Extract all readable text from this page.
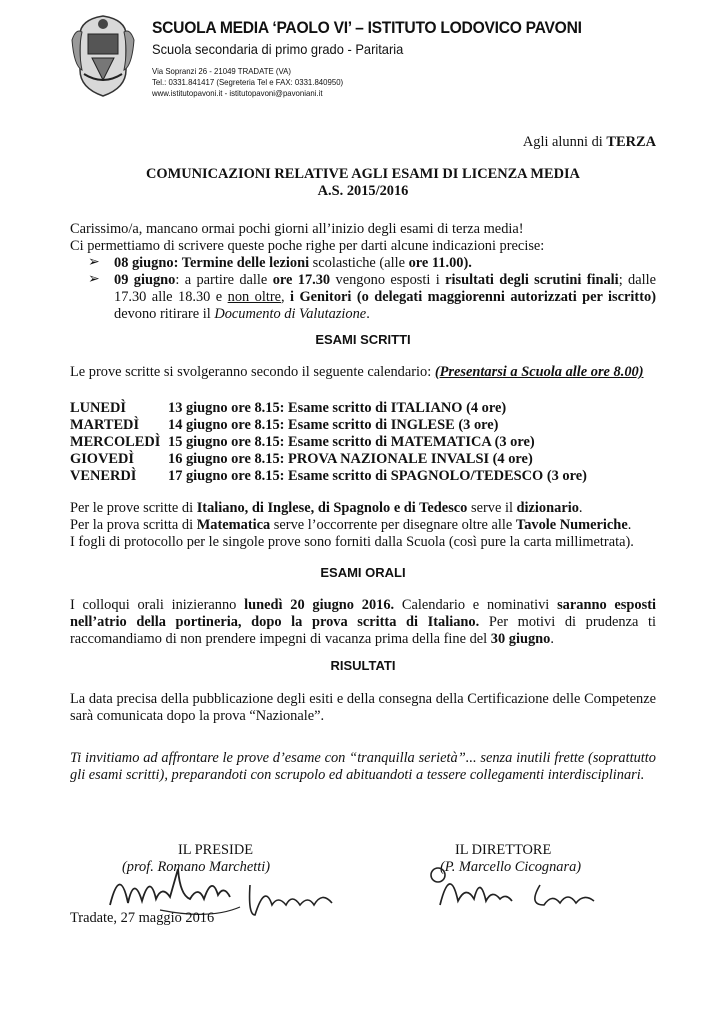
SCUOLA MEDIA ‘PAOLO VI’ – ISTITUTO LODOVICO PAVONI
Scuola secondaria di primo grado - Paritaria
Via Sopranzi 26 - 21049 TRADATE (VA)
Tel.: 0331.841417 (Segreteria Tel e FAX: 0331.840950)
www.istitutopavoni.it - istitutopavoni@pavoniani.it
Agli alunni di TERZA
COMUNICAZIONI RELATIVE AGLI ESAMI DI LICENZA MEDIA
A.S. 2015/2016
Carissimo/a, mancano ormai pochi giorni all’inizio degli esami di terza media!
Ci permettiamo di scrivere queste poche righe per darti alcune indicazioni precise:
➢ 08 giugno: Termine delle lezioni scolastiche (alle ore 11.00).
➢ 09 giugno: a partire dalle ore 17.30 vengono esposti i risultati degli scrutini finali; dalle 17.30 alle 18.30 e non oltre, i Genitori (o delegati maggiorenni autorizzati per iscritto) devono ritirare il Documento di Valutazione.
ESAMI SCRITTI
Le prove scritte si svolgeranno secondo il seguente calendario: (Presentarsi a Scuola alle ore 8.00)
LUNEDÌ	13 giugno ore 8.15: Esame scritto di ITALIANO (4 ore)
MARTEDÌ 14 giugno ore 8.15: Esame scritto di INGLESE (3 ore)
MERCOLEDÌ 15 giugno ore 8.15: Esame scritto di MATEMATICA (3 ore)
GIOVEDÌ 16 giugno ore 8.15: PROVA NAZIONALE INVALSI (4 ore)
VENERDÌ 17 giugno ore 8.15: Esame scritto di SPAGNOLO/TEDESCO (3 ore)
Per le prove scritte di Italiano, di Inglese, di Spagnolo e di Tedesco serve il dizionario.
Per la prova scritta di Matematica serve l’occorrente per disegnare oltre alle Tavole Numeriche.
I fogli di protocollo per le singole prove sono forniti dalla Scuola (così pure la carta millimetrata).
ESAMI ORALI
I colloqui orali inizieranno lunedì 20 giugno 2016. Calendario e nominativi saranno esposti nell’atrio della portineria, dopo la prova scritta di Italiano. Per motivi di prudenza ti raccomandiamo di non prendere impegni di vacanza prima della fine del 30 giugno.
RISULTATI
La data precisa della pubblicazione degli esiti e della consegna della Certificazione delle Competenze sarà comunicata dopo la prova “Nazionale”.
Ti invitiamo ad affrontare le prove d’esame con “tranquilla serietà”... senza inutili frette (soprattutto gli esami scritti), preparandoti con scrupolo ed abituandoti a tessere collegamenti interdisciplinari.
IL PRESIDE
(prof. Romano Marchetti)
IL DIRETTORE
(P. Marcello Cicognara)
Tradate, 27 maggio 2016
